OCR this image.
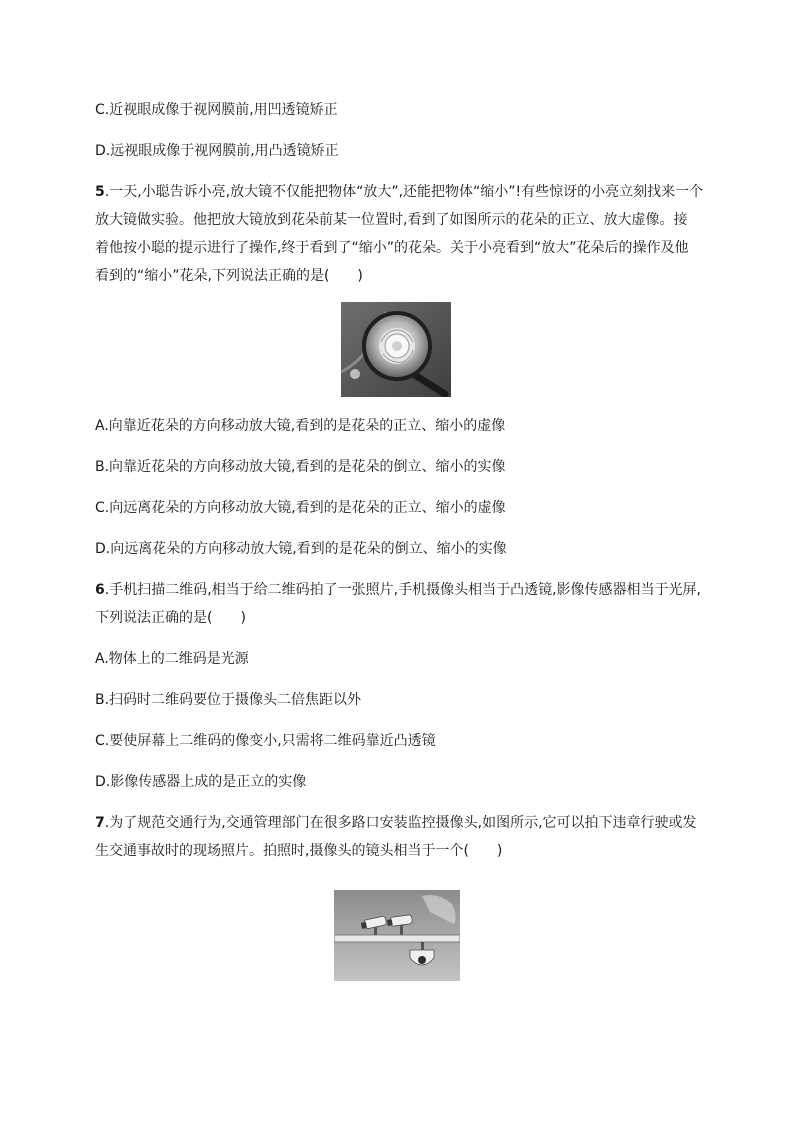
C.近视眼成像于视网膜前,用凹透镜矫正
D.远视眼成像于视网膜前,用凸透镜矫正
5.一天,小聪告诉小亮,放大镜不仅能把物体“放大”,还能把物体“缩小”!有些惊讶的小亮立刻找来一个
放大镜做实验。他把放大镜放到花朵前某一位置时,看到了如图所示的花朵的正立、放大虚像。接
着他按小聪的提示进行了操作,终于看到了“缩小”的花朵。关于小亮看到“放大”花朵后的操作及他
看到的“缩小”花朵,下列说法正确的是(　　)
A.向靠近花朵的方向移动放大镜,看到的是花朵的正立、缩小的虚像
B.向靠近花朵的方向移动放大镜,看到的是花朵的倒立、缩小的实像
C.向远离花朵的方向移动放大镜,看到的是花朵的正立、缩小的虚像
D.向远离花朵的方向移动放大镜,看到的是花朵的倒立、缩小的实像
6.手机扫描二维码,相当于给二维码拍了一张照片,手机摄像头相当于凸透镜,影像传感器相当于光屏,
下列说法正确的是(　　)
A.物体上的二维码是光源
B.扫码时二维码要位于摄像头二倍焦距以外
C.要使屏幕上二维码的像变小,只需将二维码靠近凸透镜
D.影像传感器上成的是正立的实像
7.为了规范交通行为,交通管理部门在很多路口安装监控摄像头,如图所示,它可以拍下违章行驶或发
生交通事故时的现场照片。拍照时,摄像头的镜头相当于一个(　　)
